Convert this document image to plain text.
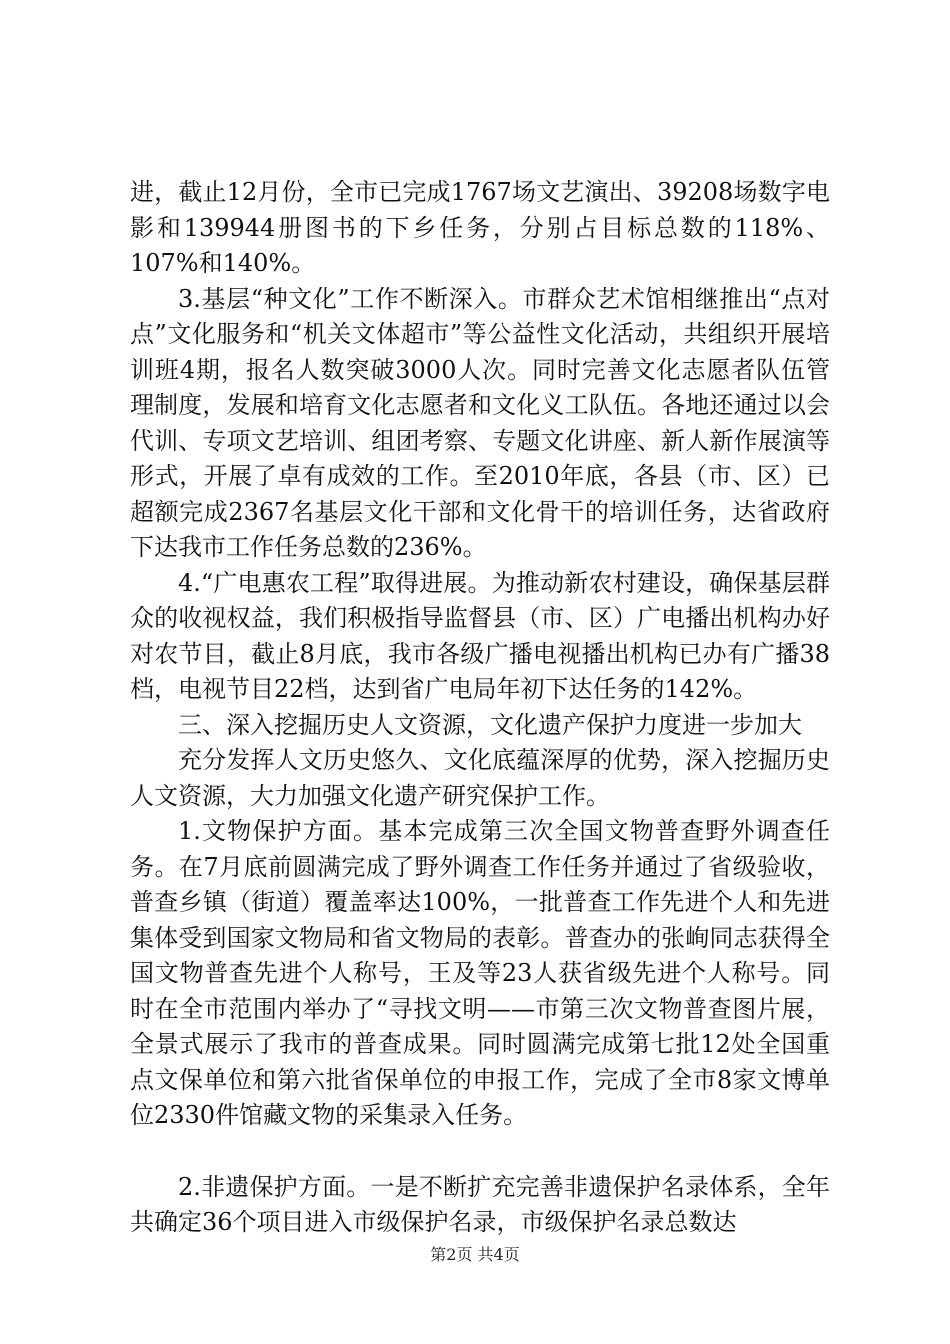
进，截止12月份，全市已完成1767场文艺演出、39208场数字电影和139944册图书的下乡任务，分别占目标总数的118%、107%和140%。

3.基层“种文化”工作不断深入。市群众艺术馆相继推出“点对点”文化服务和“机关文体超市”等公益性文化活动，共组织开展培训班4期，报名人数突破3000人次。同时完善文化志愿者队伍管理制度，发展和培育文化志愿者和文化义工队伍。各地还通过以会代训、专项文艺培训、组团考察、专题文化讲座、新人新作展演等形式，开展了卓有成效的工作。至2010年底，各县（市、区）已超额完成2367名基层文化干部和文化骨干的培训任务，达省政府下达我市工作任务总数的236%。

4.“广电惠农工程”取得进展。为推动新农村建设，确保基层群众的收视权益，我们积极指导监督县（市、区）广电播出机构办好对农节目，截止8月底，我市各级广播电视播出机构已办有广播38档，电视节目22档，达到省广电局年初下达任务的142%。

三、深入挖掘历史人文资源，文化遗产保护力度进一步加大

充分发挥人文历史悠久、文化底蕴深厚的优势，深入挖掘历史人文资源，大力加强文化遗产研究保护工作。

1.文物保护方面。基本完成第三次全国文物普查野外调查任务。在7月底前圆满完成了野外调查工作任务并通过了省级验收，普查乡镇（街道）覆盖率达100%，一批普查工作先进个人和先进集体受到国家文物局和省文物局的表彰。普查办的张峋同志获得全国文物普查先进个人称号，王及等23人获省级先进个人称号。同时在全市范围内举办了“寻找文明——市第三次文物普查图片展，全景式展示了我市的普查成果。同时圆满完成第七批12处全国重点文保单位和第六批省保单位的申报工作，完成了全市8家文博单位2330件馆藏文物的采集录入任务。

2.非遗保护方面。一是不断扩充完善非遗保护名录体系，全年共确定36个项目进入市级保护名录，市级保护名录总数达

第2页 共4页
